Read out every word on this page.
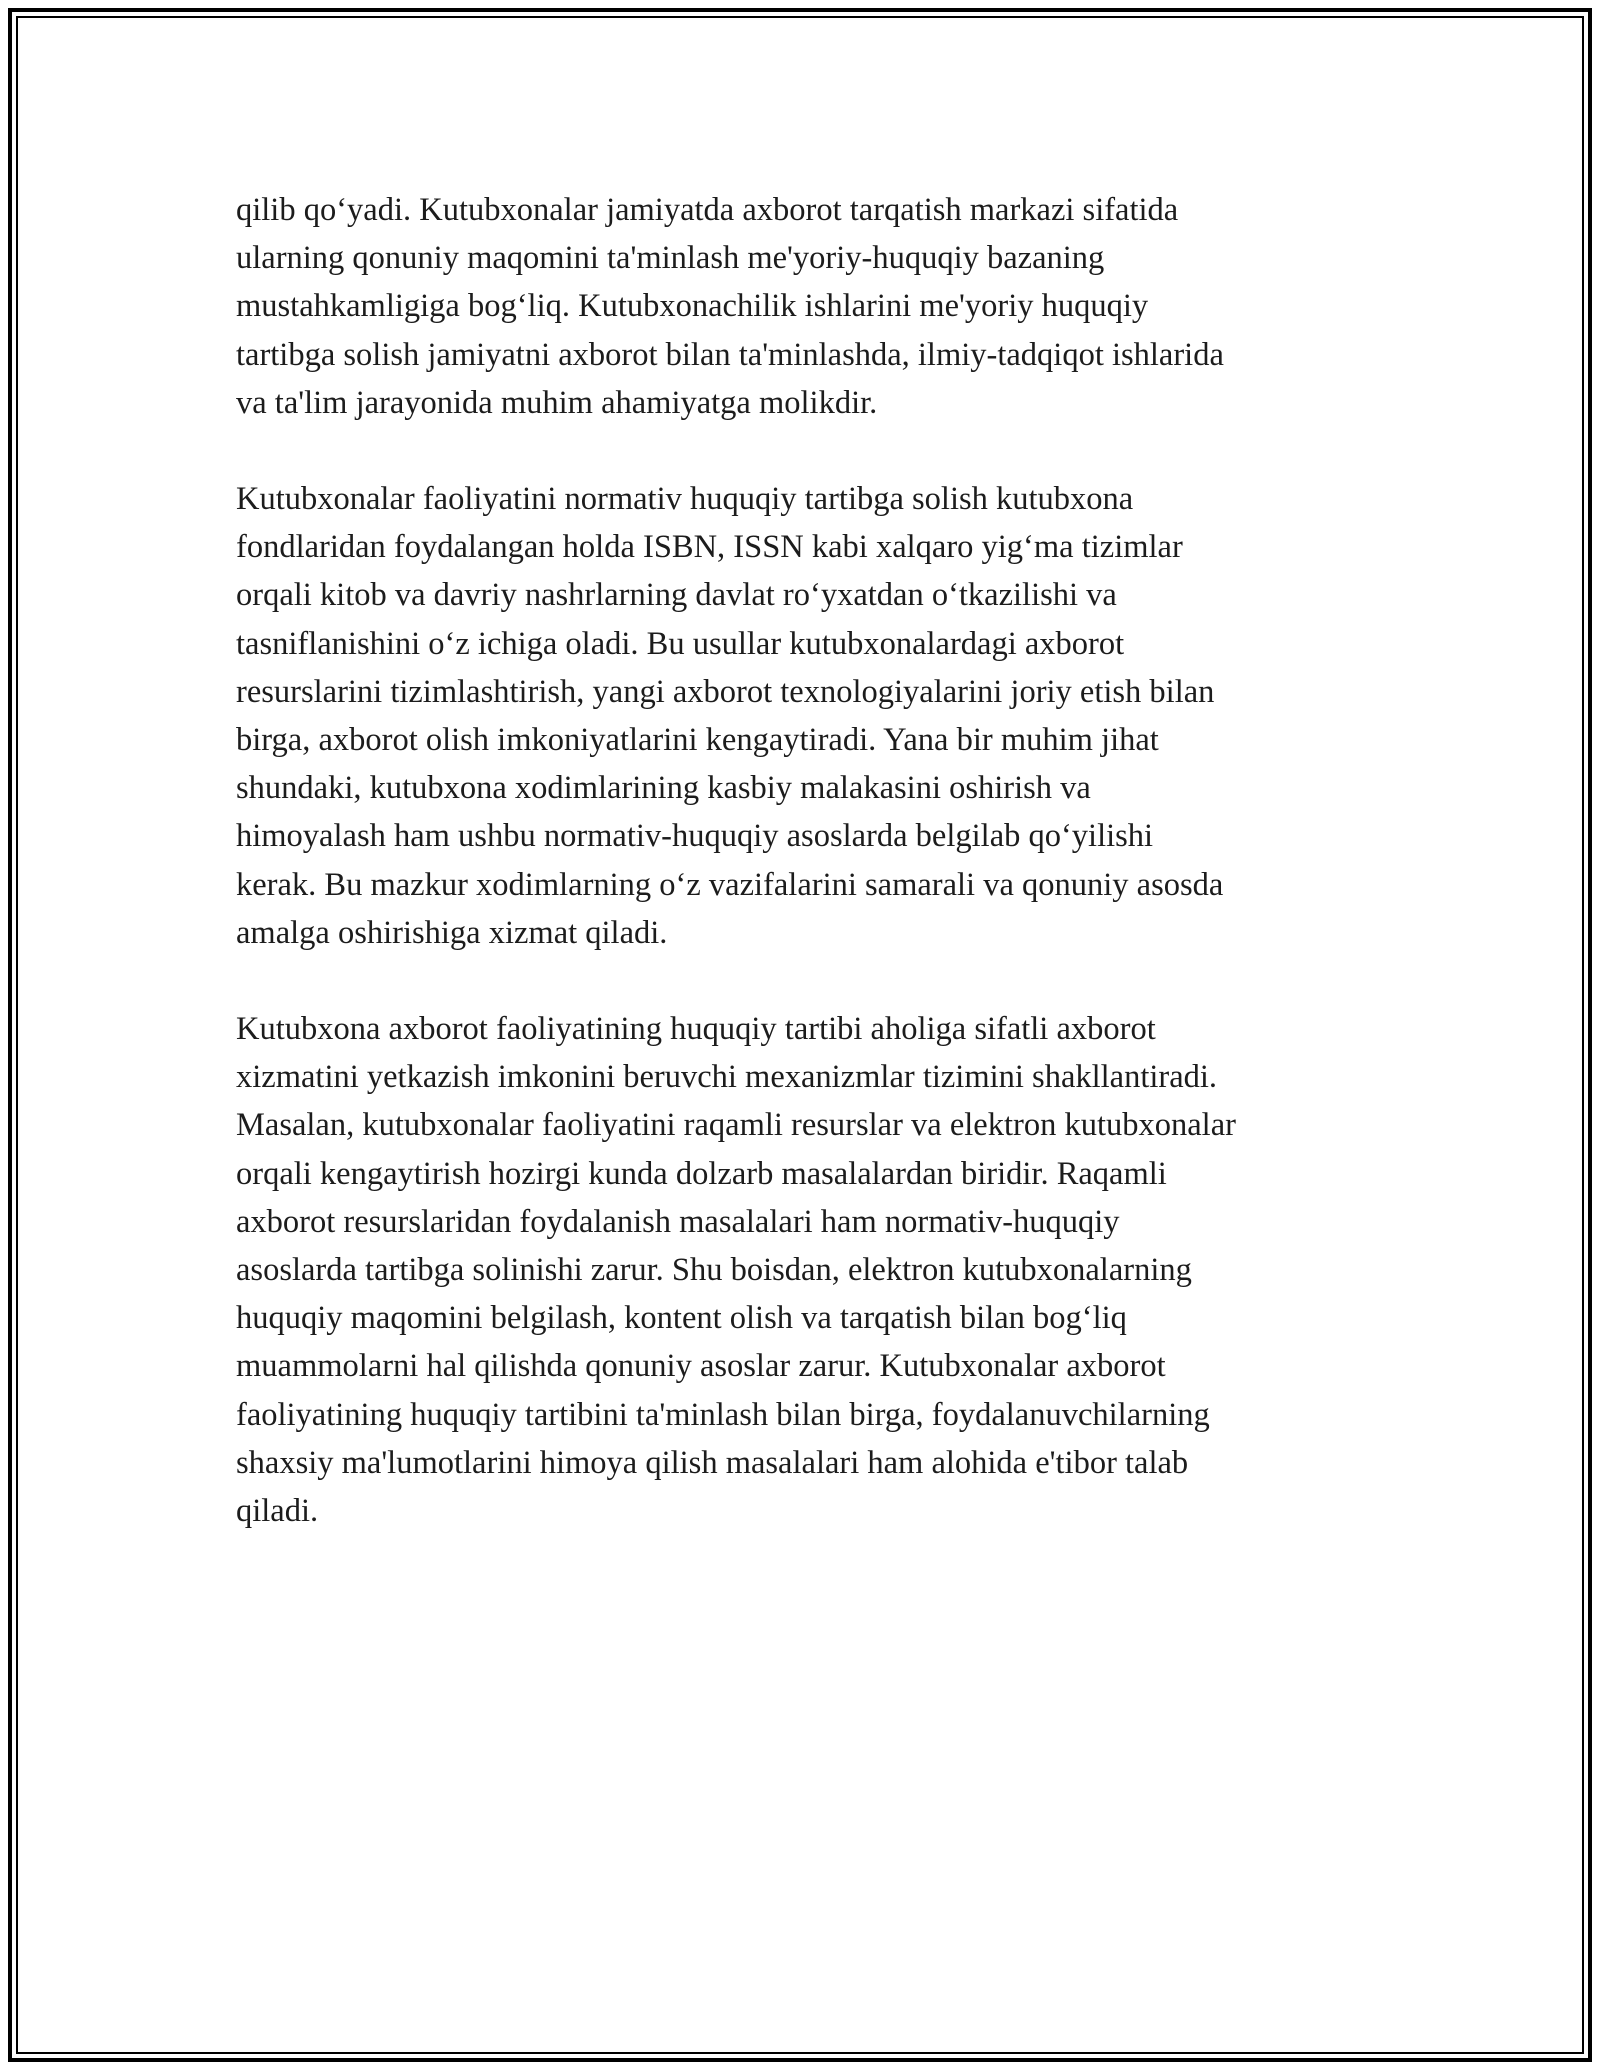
qilib qo‘yadi. Kutubxonalar jamiyatda axborot tarqatish markazi sifatida
ularning qonuniy maqomini ta'minlash me'yoriy-huquqiy bazaning
mustahkamligiga bog‘liq. Kutubxonachilik ishlarini me'yoriy huquqiy
tartibga solish jamiyatni axborot bilan ta'minlashda, ilmiy-tadqiqot ishlarida
va ta'lim jarayonida muhim ahamiyatga molikdir.

Kutubxonalar faoliyatini normativ huquqiy tartibga solish kutubxona
fondlaridan foydalangan holda ISBN, ISSN kabi xalqaro yig‘ma tizimlar
orqali kitob va davriy nashrlarning davlat ro‘yxatdan o‘tkazilishi va
tasniflanishini o‘z ichiga oladi. Bu usullar kutubxonalardagi axborot
resurslarini tizimlashtirish, yangi axborot texnologiyalarini joriy etish bilan
birga, axborot olish imkoniyatlarini kengaytiradi. Yana bir muhim jihat
shundaki, kutubxona xodimlarining kasbiy malakasini oshirish va
himoyalash ham ushbu normativ-huquqiy asoslarda belgilab qo‘yilishi
kerak. Bu mazkur xodimlarning o‘z vazifalarini samarali va qonuniy asosda
amalga oshirishiga xizmat qiladi.

Kutubxona axborot faoliyatining huquqiy tartibi aholiga sifatli axborot
xizmatini yetkazish imkonini beruvchi mexanizmlar tizimini shakllantiradi.
Masalan, kutubxonalar faoliyatini raqamli resurslar va elektron kutubxonalar
orqali kengaytirish hozirgi kunda dolzarb masalalardan biridir. Raqamli
axborot resurslaridan foydalanish masalalari ham normativ-huquqiy
asoslarda tartibga solinishi zarur. Shu boisdan, elektron kutubxonalarning
huquqiy maqomini belgilash, kontent olish va tarqatish bilan bog‘liq
muammolarni hal qilishda qonuniy asoslar zarur. Kutubxonalar axborot
faoliyatining huquqiy tartibini ta'minlash bilan birga, foydalanuvchilarning
shaxsiy ma'lumotlarini himoya qilish masalalari ham alohida e'tibor talab
qiladi.
